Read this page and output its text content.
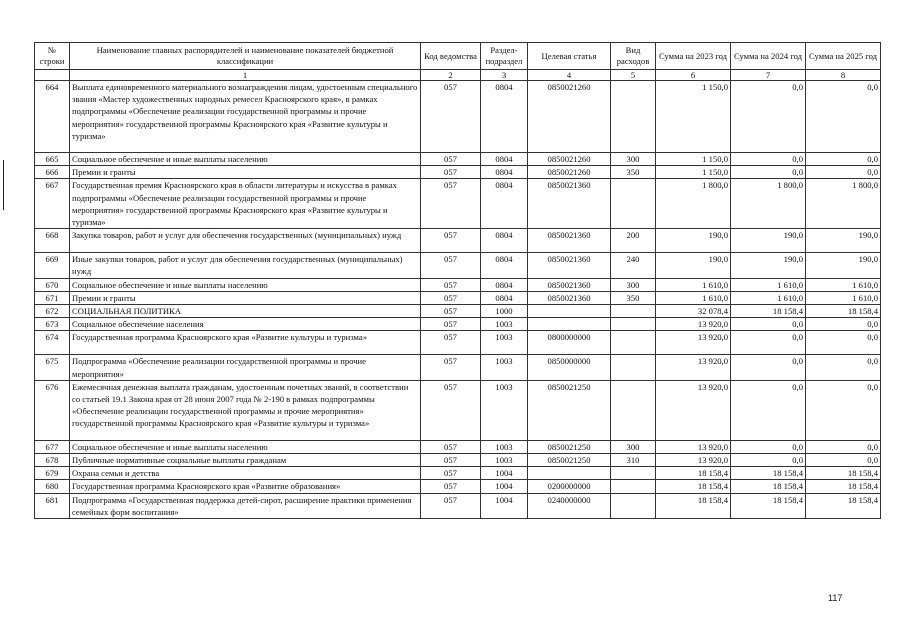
№ строки	Наименование главных распорядителей и наименование показателей бюджетной классификации	Код ведомства	Раздел-подраздел	Целевая статья	Вид расходов	Сумма на 2023 год	Сумма на 2024 год	Сумма на 2025 год
	1	2	3	4	5	6	7	8
664	Выплата единовременного материального вознаграждения лицам, удостоенным специального звания «Мастер художественных народных ремесел Красноярского края», в рамках подпрограммы «Обеспечение реализации государственной программы и прочие мероприятия» государственной программы Красноярского края «Развитие культуры и туризма»	057	0804	0850021260		1 150,0	0,0	0,0
665	Социальное обеспечение и иные выплаты населению	057	0804	0850021260	300	1 150,0	0,0	0,0
666	Премии и гранты	057	0804	0850021260	350	1 150,0	0,0	0,0
667	Государственная премия Красноярского края в области литературы и искусства в рамках подпрограммы «Обеспечение реализации государственной программы и прочие мероприятия» государственной программы Красноярского края «Развитие культуры и туризма»	057	0804	0850021360		1 800,0	1 800,0	1 800,0
668	Закупка товаров, работ и услуг для обеспечения государственных (муниципальных) нужд	057	0804	0850021360	200	190,0	190,0	190,0
669	Иные закупки товаров, работ и услуг для обеспечения государственных (муниципальных) нужд	057	0804	0850021360	240	190,0	190,0	190,0
670	Социальное обеспечение и иные выплаты населению	057	0804	0850021360	300	1 610,0	1 610,0	1 610,0
671	Премии и гранты	057	0804	0850021360	350	1 610,0	1 610,0	1 610,0
672	СОЦИАЛЬНАЯ ПОЛИТИКА	057	1000			32 078,4	18 158,4	18 158,4
673	Социальное обеспечение населения	057	1003			13 920,0	0,0	0,0
674	Государственная программа Красноярского края «Развитие культуры и туризма»	057	1003	0800000000		13 920,0	0,0	0,0
675	Подпрограмма «Обеспечение реализации государственной программы и прочие мероприятия»	057	1003	0850000000		13 920,0	0,0	0,0
676	Ежемесячная денежная выплата гражданам, удостоенным почетных званий, в соответствии со статьей 19.1 Закона края от 28 июня 2007 года № 2-190 в рамках подпрограммы «Обеспечение реализации государственной программы и прочие мероприятия» государственной программы Красноярского края «Развитие культуры и туризма»	057	1003	0850021250		13 920,0	0,0	0,0
677	Социальное обеспечение и иные выплаты населению	057	1003	0850021250	300	13 920,0	0,0	0,0
678	Публичные нормативные социальные выплаты гражданам	057	1003	0850021250	310	13 920,0	0,0	0,0
679	Охрана семьи и детства	057	1004			18 158,4	18 158,4	18 158,4
680	Государственная программа Красноярского края «Развитие образования»	057	1004	0200000000		18 158,4	18 158,4	18 158,4
681	Подпрограмма «Государственная поддержка детей-сирот, расширение практики применения семейных форм воспитания»	057	1004	0240000000		18 158,4	18 158,4	18 158,4
117
